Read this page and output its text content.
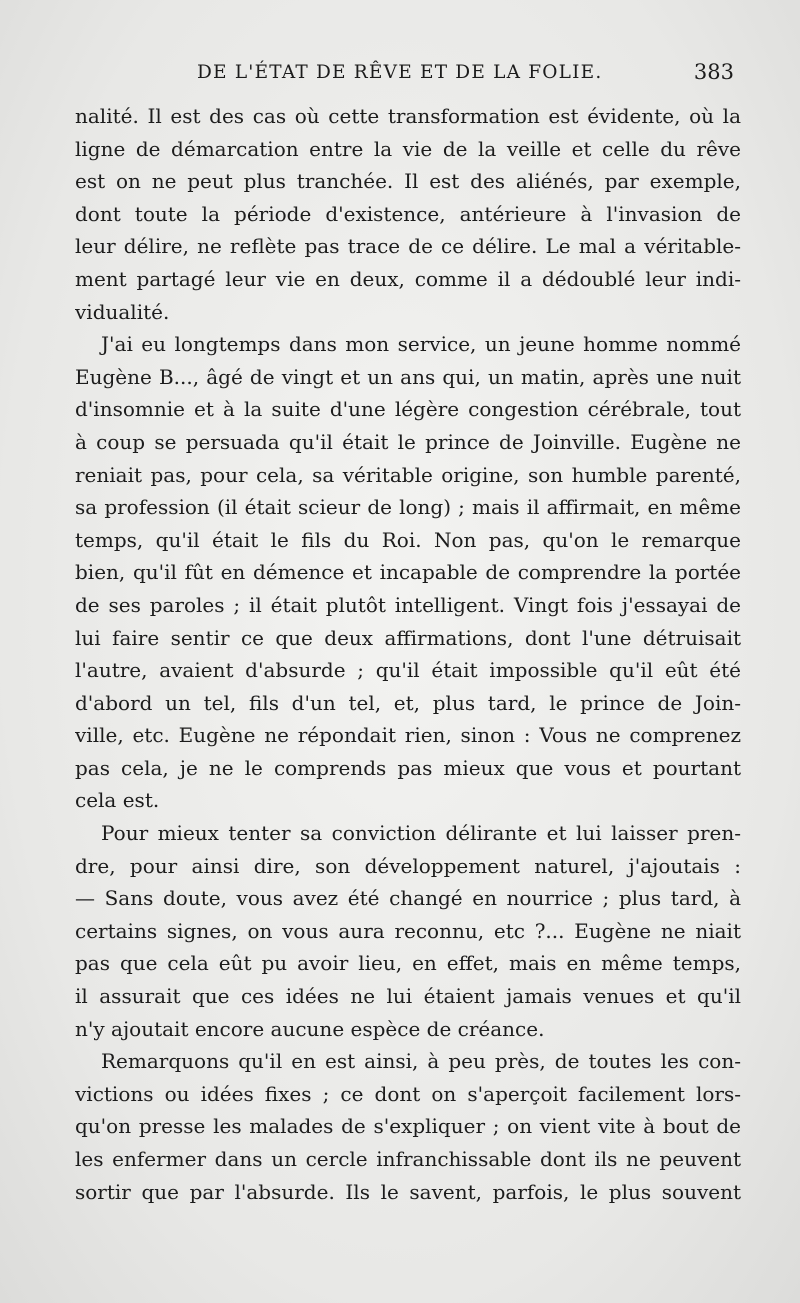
DE L'ÉTAT DE RÊVE ET DE LA FOLIE.	383
nalité. Il est des cas où cette transformation est évidente, où la
ligne de démarcation entre la vie de la veille et celle du rêve
est on ne peut plus tranchée. Il est des aliénés, par exemple,
dont toute la période d'existence, antérieure à l'invasion de
leur délire, ne reflète pas trace de ce délire. Le mal a véritable-
ment partagé leur vie en deux, comme il a dédoublé leur indi-
vidualité.
J'ai eu longtemps dans mon service, un jeune homme nommé
Eugène B..., âgé de vingt et un ans qui, un matin, après une nuit
d'insomnie et à la suite d'une légère congestion cérébrale, tout
à coup se persuada qu'il était le prince de Joinville. Eugène ne
reniait pas, pour cela, sa véritable origine, son humble parenté,
sa profession (il était scieur de long) ; mais il affirmait, en même
temps, qu'il était le fils du Roi. Non pas, qu'on le remarque
bien, qu'il fût en démence et incapable de comprendre la portée
de ses paroles ; il était plutôt intelligent. Vingt fois j'essayai de
lui faire sentir ce que deux affirmations, dont l'une détruisait
l'autre, avaient d'absurde ; qu'il était impossible qu'il eût été
d'abord un tel, fils d'un tel, et, plus tard, le prince de Join-
ville, etc. Eugène ne répondait rien, sinon : Vous ne comprenez
pas cela, je ne le comprends pas mieux que vous et pourtant
cela est.
Pour mieux tenter sa conviction délirante et lui laisser pren-
dre, pour ainsi dire, son développement naturel, j'ajoutais :
— Sans doute, vous avez été changé en nourrice ; plus tard, à
certains signes, on vous aura reconnu, etc ?... Eugène ne niait
pas que cela eût pu avoir lieu, en effet, mais en même temps,
il assurait que ces idées ne lui étaient jamais venues et qu'il
n'y ajoutait encore aucune espèce de créance.
Remarquons qu'il en est ainsi, à peu près, de toutes les con-
victions ou idées fixes ; ce dont on s'aperçoit facilement lors-
qu'on presse les malades de s'expliquer ; on vient vite à bout de
les enfermer dans un cercle infranchissable dont ils ne peuvent
sortir que par l'absurde. Ils le savent, parfois, le plus souvent
